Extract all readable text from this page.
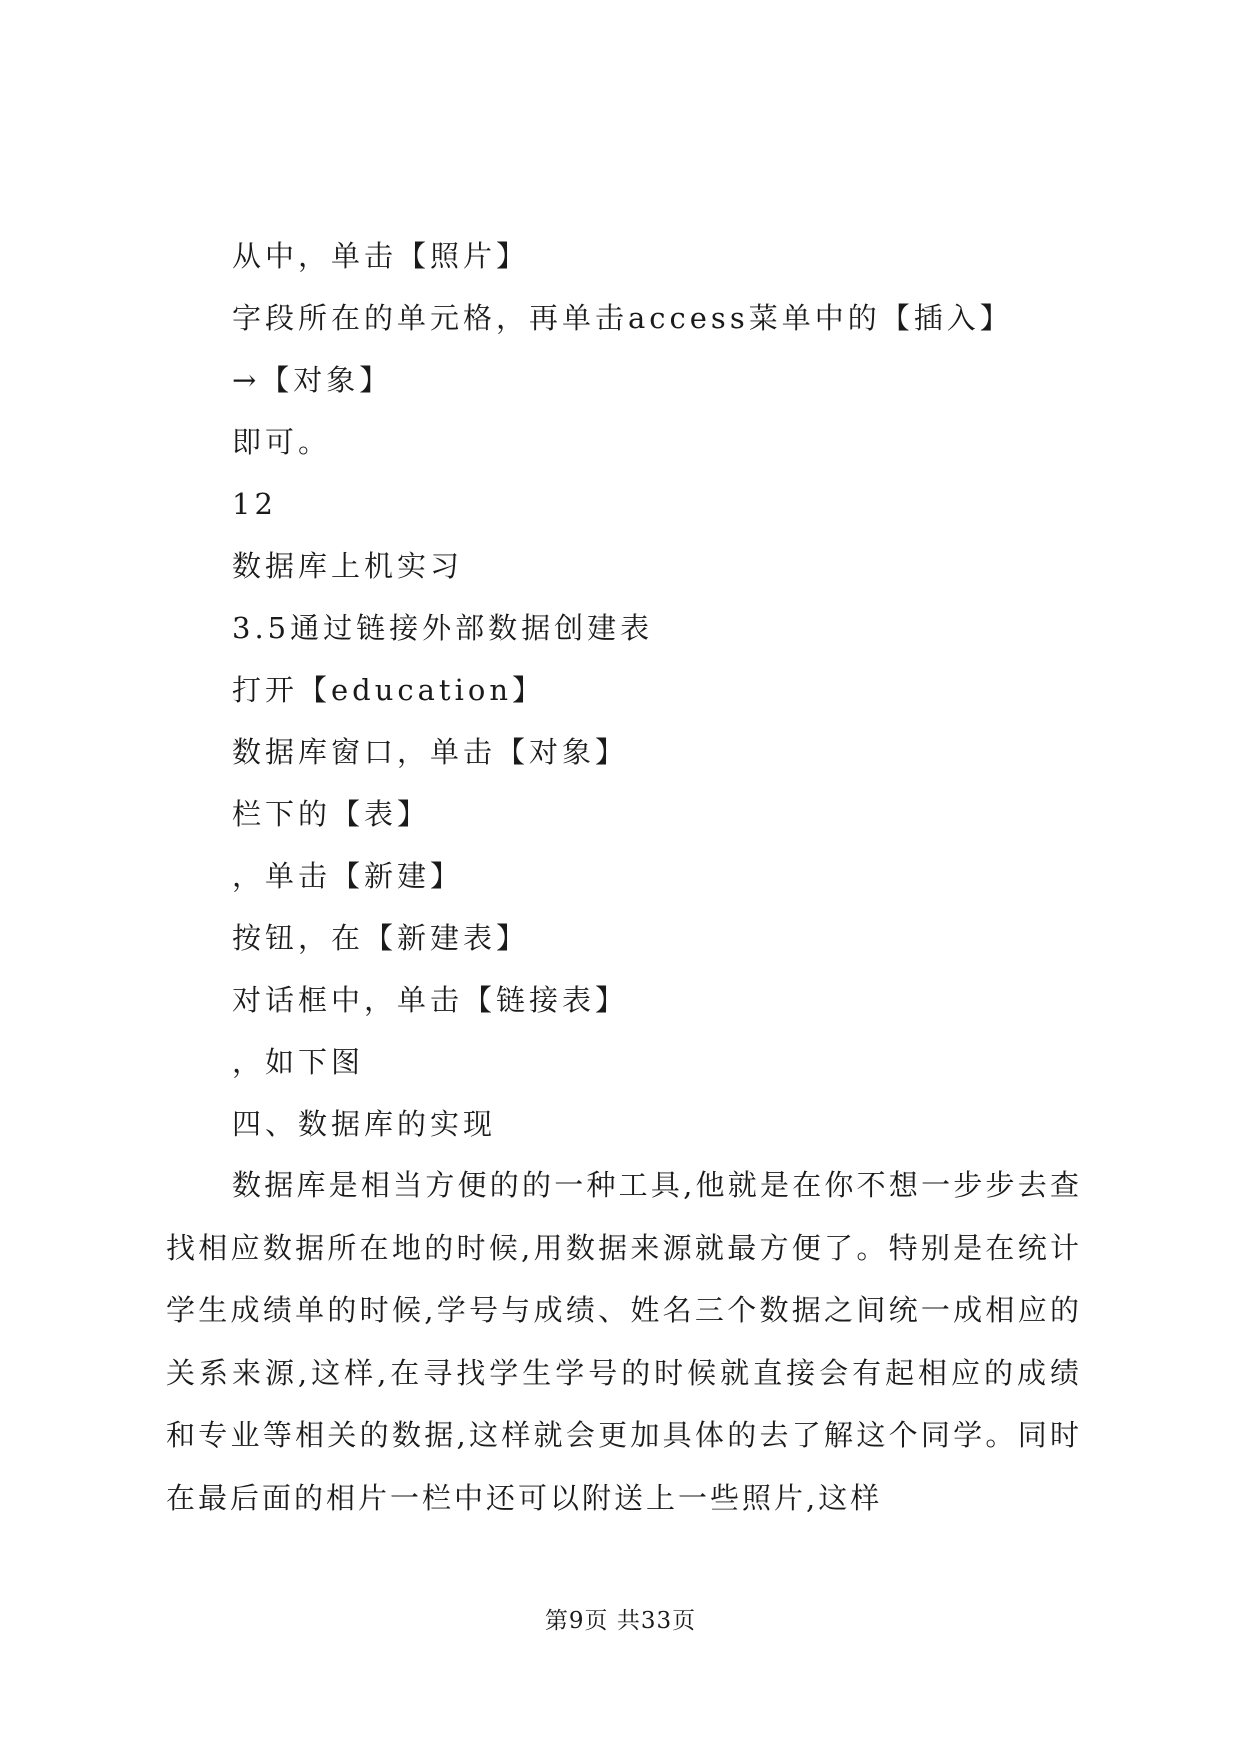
从中，单击【照片】
字段所在的单元格，再单击access菜单中的【插入】
→【对象】
即可。
12
数据库上机实习
3.5通过链接外部数据创建表
打开【education】
数据库窗口，单击【对象】
栏下的【表】
，单击【新建】
按钮，在【新建表】
对话框中，单击【链接表】
，如下图
四、数据库的实现

数据库是相当方便的的一种工具,他就是在你不想一步步去查找相应数据所在地的时候,用数据来源就最方便了。特别是在统计学生成绩单的时候,学号与成绩、姓名三个数据之间统一成相应的关系来源,这样,在寻找学生学号的时候就直接会有起相应的成绩和专业等相关的数据,这样就会更加具体的去了解这个同学。同时在最后面的相片一栏中还可以附送上一些照片,这样

第9页 共33页
